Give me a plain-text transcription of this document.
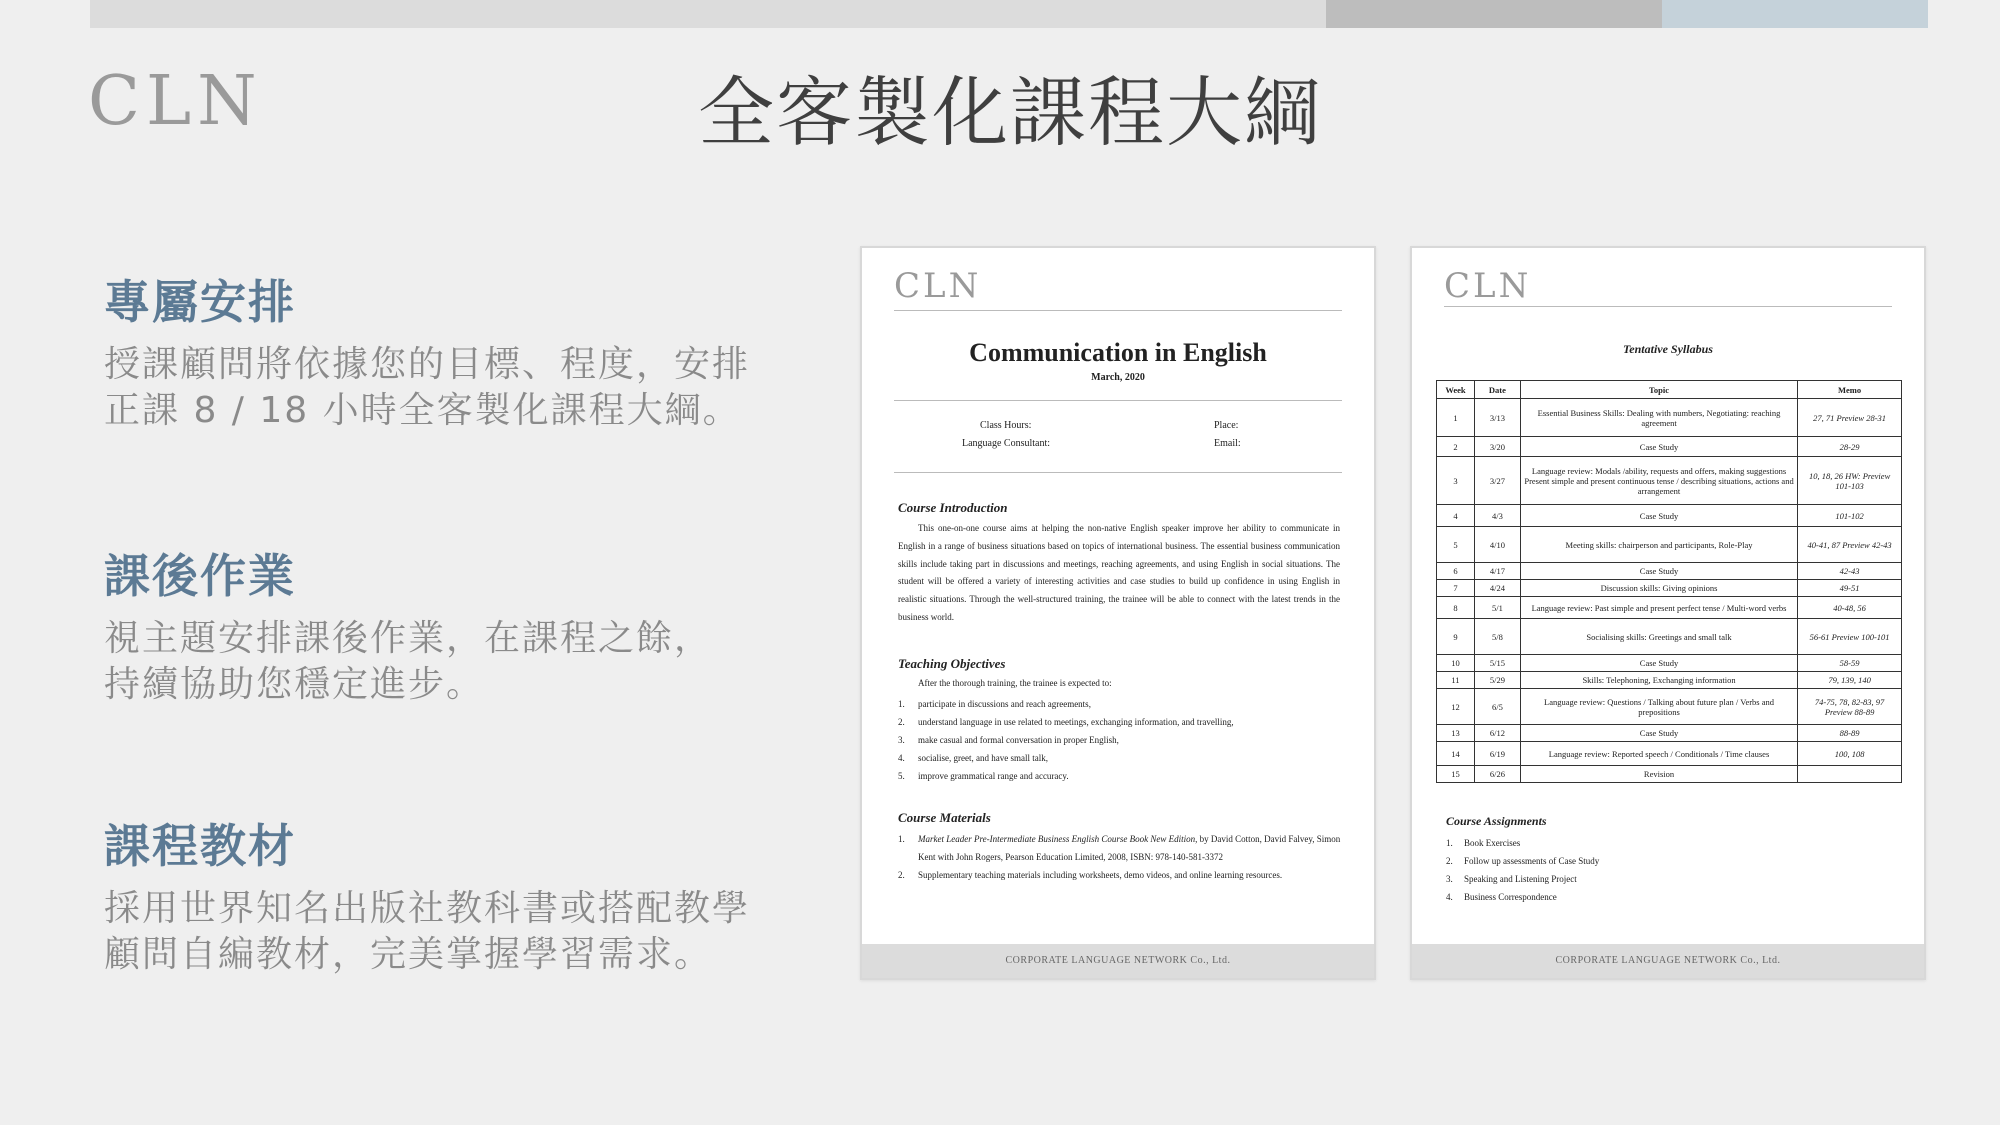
CLN	全客製化課程大綱
專屬安排

授課顧問將依據您的目標、程度，安排
正課 8 / 18 小時全客製化課程大綱。

課後作業

視主題安排課後作業，在課程之餘，
持續協助您穩定進步。

課程教材

採用世界知名出版社教科書或搭配教學
顧問自編教材，完美掌握學習需求。

CLN
Communication in English
March, 2020
Class Hours:	Place:
Language Consultant:	Email:
Course Introduction
This one-on-one course aims at helping the non-native English speaker improve her ability to communicate in English in a range of business situations based on topics of international business. The essential business communication skills include taking part in discussions and meetings, reaching agreements, and using English in social situations. The student will be offered a variety of interesting activities and case studies to build up confidence in using English in realistic situations. Through the well-structured training, the trainee will be able to connect with the latest trends in the business world.
Teaching Objectives
After the thorough training, the trainee is expected to:
1. participate in discussions and reach agreements,
2. understand language in use related to meetings, exchanging information, and travelling,
3. make casual and formal conversation in proper English,
4. socialise, greet, and have small talk,
5. improve grammatical range and accuracy.
Course Materials
1. Market Leader Pre-Intermediate Business English Course Book New Edition, by David Cotton, David Falvey, Simon Kent with John Rogers, Pearson Education Limited, 2008, ISBN: 978-140-581-3372
2. Supplementary teaching materials including worksheets, demo videos, and online learning resources.
CORPORATE LANGUAGE NETWORK Co., Ltd.
CLN
Tentative Syllabus
Week	Date	Topic	Memo
1	3/13	Essential Business Skills: Dealing with numbers, Negotiating: reaching agreement	27, 71 Preview 28-31
2	3/20	Case Study	28-29
3	3/27	Language review: Modals /ability, requests and offers, making suggestions Present simple and present continuous tense / describing situations, actions and arrangement	10, 18, 26 HW: Preview 101-103
4	4/3	Case Study	101-102
5	4/10	Meeting skills: chairperson and participants, Role-Play	40-41, 87 Preview 42-43
6	4/17	Case Study	42-43
7	4/24	Discussion skills: Giving opinions	49-51
8	5/1	Language review: Past simple and present perfect tense / Multi-word verbs	40-48, 56
9	5/8	Socialising skills: Greetings and small talk	56-61 Preview 100-101
10	5/15	Case Study	58-59
11	5/29	Skills: Telephoning, Exchanging information	79, 139, 140
12	6/5	Language review: Questions / Talking about future plan / Verbs and prepositions	74-75, 78, 82-83, 97 Preview 88-89
13	6/12	Case Study	88-89
14	6/19	Language review: Reported speech / Conditionals / Time clauses	100, 108
15	6/26	Revision	
Course Assignments
1. Book Exercises
2. Follow up assessments of Case Study
3. Speaking and Listening Project
4. Business Correspondence
CORPORATE LANGUAGE NETWORK Co., Ltd.
